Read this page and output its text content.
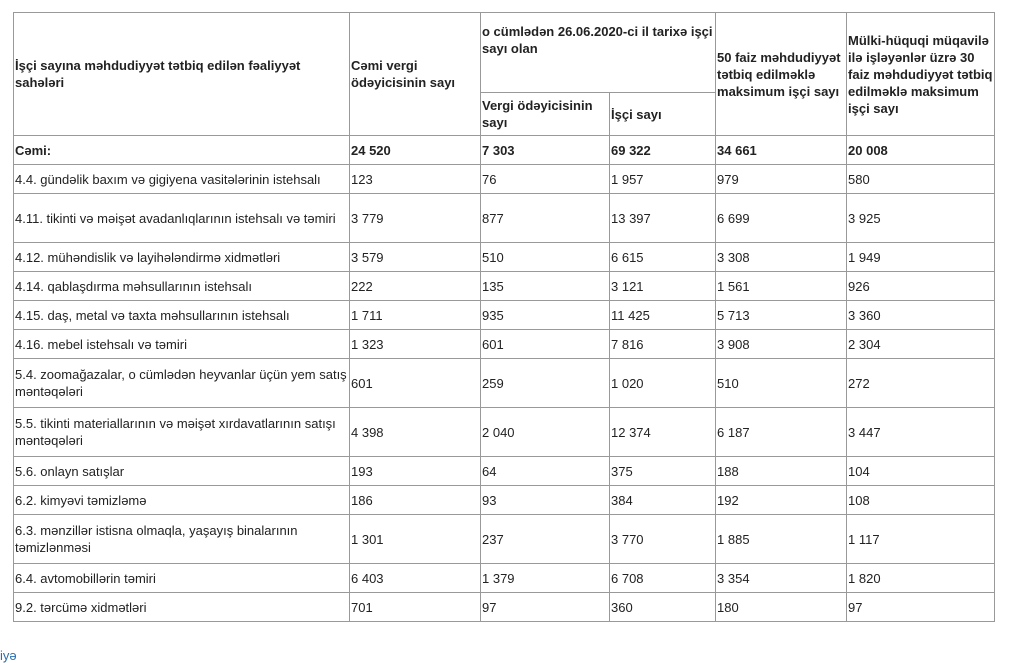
İşçi sayına məhdudiyyət tətbiq edilən fəaliyyət sahələri	Cəmi vergi ödəyicisinin sayı	o cümlədən 26.06.2020-ci il tarixə işçi sayı olan		50 faiz məhdudiyyət tətbiq edilməklə maksimum işçi sayı	Mülki-hüquqi müqavilə ilə işləyənlər üzrə 30 faiz məhdudiyyət tətbiq edilməklə maksimum işçi sayı
		Vergi ödəyicisinin sayı	İşçi sayı		
Cəmi:	24 520	7 303	69 322	34 661	20 008
4.4. gündəlik baxım və gigiyena vasitələrinin istehsalı	123	76	1 957	979	580
4.11. tikinti və məişət avadanlıqlarının istehsalı və təmiri	3 779	877	13 397	6 699	3 925
4.12. mühəndislik və layihələndirmə xidmətləri	3 579	510	6 615	3 308	1 949
4.14. qablaşdırma məhsullarının istehsalı	222	135	3 121	1 561	926
4.15. daş, metal və taxta məhsullarının istehsalı	1 711	935	11 425	5 713	3 360
4.16. mebel istehsalı və təmiri	1 323	601	7 816	3 908	2 304
5.4. zoomağazalar, o cümlədən heyvanlar üçün yem satış məntəqələri	601	259	1 020	510	272
5.5. tikinti materiallarının və məişət xırdavatlarının satışı məntəqələri	4 398	2 040	12 374	6 187	3 447
5.6. onlayn satışlar	193	64	375	188	104
6.2. kimyəvi təmizləmə	186	93	384	192	108
6.3. mənzillər istisna olmaqla, yaşayış binalarının təmizlənməsi	1 301	237	3 770	1 885	1 117
6.4. avtomobillərin təmiri	6 403	1 379	6 708	3 354	1 820
9.2. tərcümə xidmətləri	701	97	360	180	97
iyə
